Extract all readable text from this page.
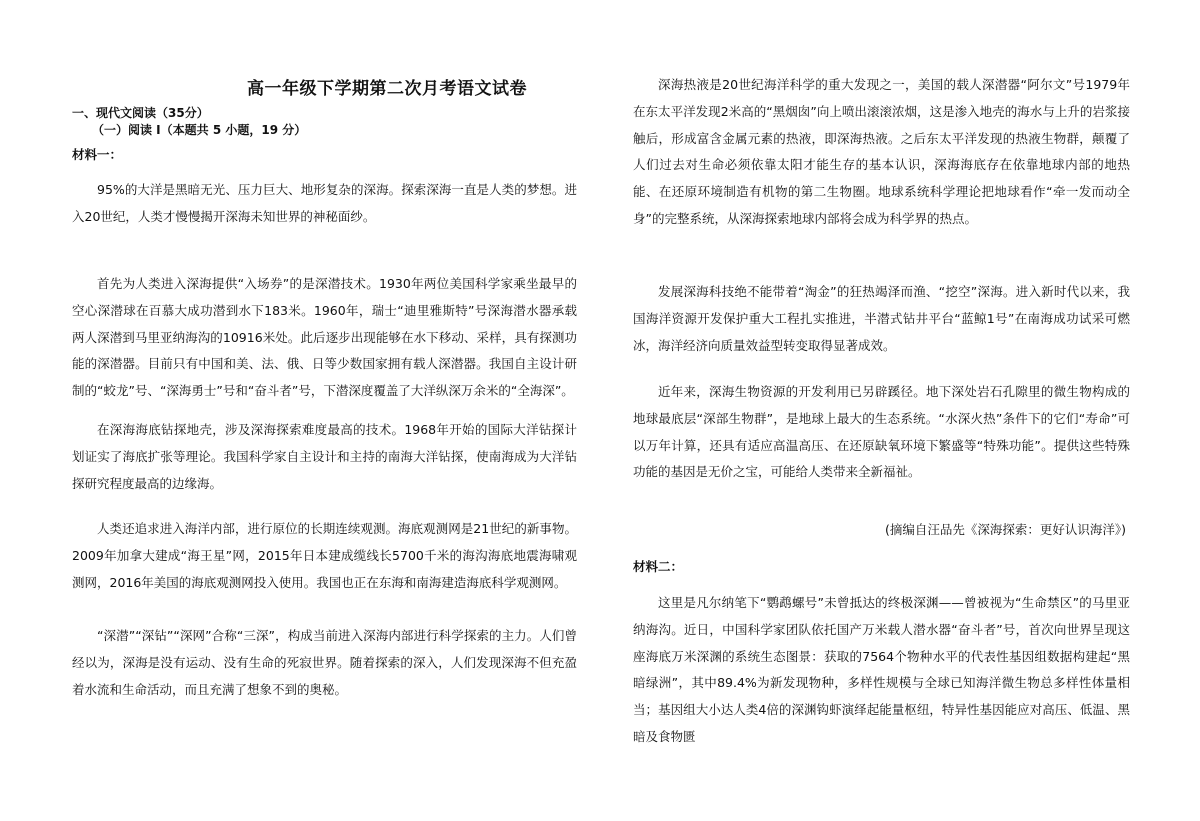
高一年级下学期第二次月考语文试卷
一、现代文阅读（35分）
（一）阅读 I（本题共 5 小题，19 分）
材料一：

95%的大洋是黑暗无光、压力巨大、地形复杂的深海。探索深海一直是人类的梦想。进入20世纪，人类才慢慢揭开深海未知世界的神秘面纱。

首先为人类进入深海提供“入场券”的是深潜技术。1930年两位美国科学家乘坐最早的空心深潜球在百慕大成功潜到水下183米。1960年，瑞士“迪里雅斯特”号深海潜水器承载两人深潜到马里亚纳海沟的10916米处。此后逐步出现能够在水下移动、采样，具有探测功能的深潜器。目前只有中国和美、法、俄、日等少数国家拥有载人深潜器。我国自主设计研制的“蛟龙”号、“深海勇士”号和“奋斗者”号，下潜深度覆盖了大洋纵深万余米的“全海深”。

在深海海底钻探地壳，涉及深海探索难度最高的技术。1968年开始的国际大洋钻探计划证实了海底扩张等理论。我国科学家自主设计和主持的南海大洋钻探，使南海成为大洋钻探研究程度最高的边缘海。

人类还追求进入海洋内部，进行原位的长期连续观测。海底观测网是21世纪的新事物。2009年加拿大建成“海王星”网，2015年日本建成缆线长5700千米的海沟海底地震海啸观测网，2016年美国的海底观测网投入使用。我国也正在东海和南海建造海底科学观测网。

“深潜”“深钻”“深网”合称“三深”，构成当前进入深海内部进行科学探索的主力。人们曾经以为，深海是没有运动、没有生命的死寂世界。随着探索的深入，人们发现深海不但充盈着水流和生命活动，而且充满了想象不到的奥秘。

深海热液是20世纪海洋科学的重大发现之一，美国的载人深潜器“阿尔文”号1979年在东太平洋发现2米高的“黑烟囱”向上喷出滚滚浓烟，这是渗入地壳的海水与上升的岩浆接触后，形成富含金属元素的热液，即深海热液。之后东太平洋发现的热液生物群，颠覆了人们过去对生命必须依靠太阳才能生存的基本认识，深海海底存在依靠地球内部的地热能、在还原环境制造有机物的第二生物圈。地球系统科学理论把地球看作“牵一发而动全身”的完整系统，从深海探索地球内部将会成为科学界的热点。

发展深海科技绝不能带着“淘金”的狂热竭泽而渔、“挖空”深海。进入新时代以来，我国海洋资源开发保护重大工程扎实推进，半潜式钻井平台“蓝鲸1号”在南海成功试采可燃冰，海洋经济向质量效益型转变取得显著成效。

近年来，深海生物资源的开发利用已另辟蹊径。地下深处岩石孔隙里的微生物构成的地球最底层“深部生物群”，是地球上最大的生态系统。“水深火热”条件下的它们“寿命”可以万年计算，还具有适应高温高压、在还原缺氧环境下繁盛等“特殊功能”。提供这些特殊功能的基因是无价之宝，可能给人类带来全新福祉。

(摘编自汪品先《深海探索：更好认识海洋》)
材料二：

这里是凡尔纳笔下“鹦鹉螺号”未曾抵达的终极深渊——曾被视为“生命禁区”的马里亚纳海沟。近日，中国科学家团队依托国产万米载人潜水器“奋斗者”号，首次向世界呈现这座海底万米深渊的系统生态图景：获取的7564个物种水平的代表性基因组数据构建起“黑暗绿洲”，其中89.4%为新发现物种，多样性规模与全球已知海洋微生物总多样性体量相当；基因组大小达人类4倍的深渊钩虾演绎起能量枢纽，特异性基因能应对高压、低温、黑暗及食物匮
